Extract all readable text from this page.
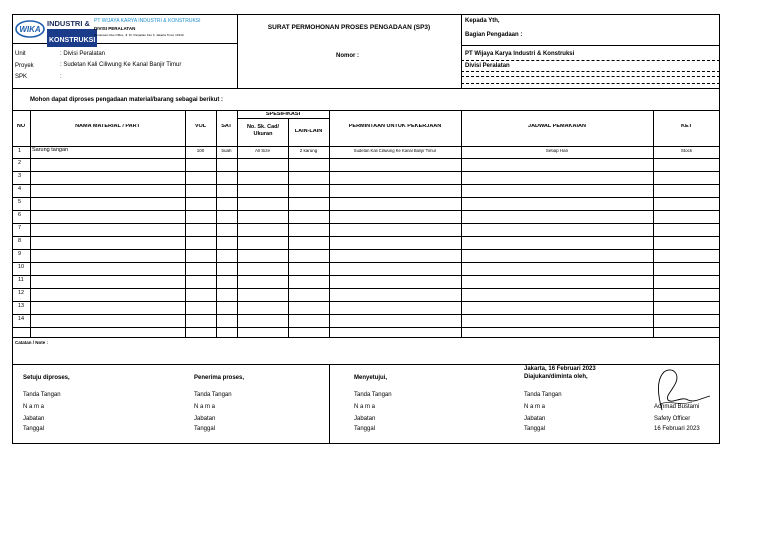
WIKA
INDUSTRI &
KONSTRUKSI
PT WIJAYA KARYA INDUSTRI & KONSTRUKSI
DIVISI PERALATAN
Tamansari Hive Office, Jl. Dr. Panjaitan Kav 3, Jakarta Timur 13340
Unit	: Divisi Peralatan
Proyek	: Sudetan Kali Ciliwung Ke Kanal Banjir Timur
SPK	:
SURAT PERMOHONAN PROSES PENGADAAN (SP3)
Nomor :
Kepada Yth,
Bagian Pengadaan :
PT Wijaya Karya Industri & Konstruksi
Divisi Peralatan
Mohon dapat diproses pengadaan material/barang sebagai berikut :
NO	NAMA MATERIAL / PART	VOL	SAT
SPESIFIKASI
No. Sk. Cad/ Ukuran	LAIN-LAIN
PERMINTAAN UNTUK PEKERJAAN	JADWAL PEMAKAIAN	KET
1 Sarung tangan	100	buah	All Size	2 karung	Sudetan Kali Ciliwung Ke Kanal Banjir Timur	Setiap Hari	Stock
2
3
4
5
6
7
8
9
10
11
12
13
14
Catatan / Note :
Jakarta, 16 Februari 2023
Diajukan/diminta oleh,
Setuju diproses,
Tanda Tangan
N a m a
Jabatan
Tanggal
Penerima proses,
Tanda Tangan
N a m a
Jabatan
Tanggal
Menyetujui,
Tanda Tangan
N a m a
Jabatan
Tanggal
Tanda Tangan
N a m a
Jabatan
Tanggal
Achmad Bustami
Safety Officer
16 Februari 2023
